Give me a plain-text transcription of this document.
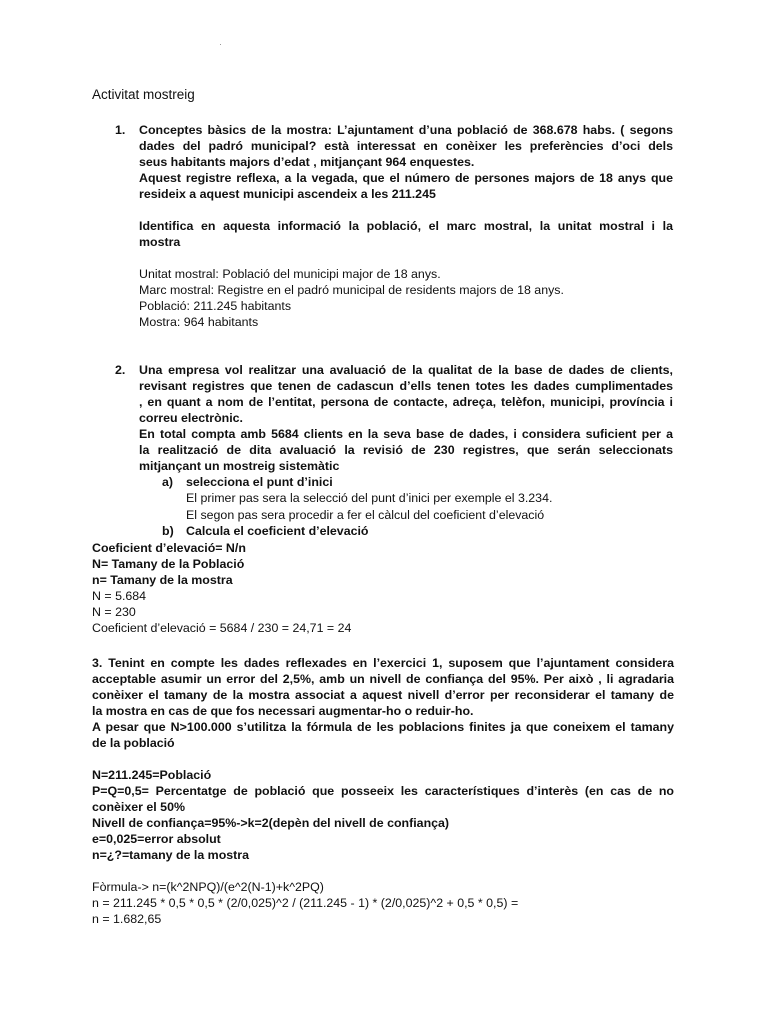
Activitat mostreig
1. Conceptes bàsics de la mostra: L’ajuntament d’una població de 368.678 habs. ( segons
dades del padró municipal? està interessat en conèixer les preferències d’oci dels
seus habitants majors d’edat , mitjançant 964 enquestes.
Aquest registre reflexa, a la vegada, que el número de persones majors de 18 anys que
resideix a aquest municipi ascendeix a les 211.245
Identifica en aquesta informació la població, el marc mostral, la unitat mostral i la
mostra
Unitat mostral: Població del municipi major de 18 anys.
Marc mostral: Registre en el padró municipal de residents majors de 18 anys.
Població: 211.245 habitants
Mostra: 964 habitants
2. Una empresa vol realitzar una avaluació de la qualitat de la base de dades de clients,
revisant registres que tenen de cadascun d’ells tenen totes les dades cumplimentades
, en quant a nom de l’entitat, persona de contacte, adreça, telèfon, municipi, província i
correu electrònic.
En total compta amb 5684 clients en la seva base de dades, i considera suficient per a
la realització de dita avaluació la revisió de 230 registres, que serán seleccionats
mitjançant un mostreig sistemàtic
a) selecciona el punt d’inici
El primer pas sera la selecció del punt d’inici per exemple el 3.234.
El segon pas sera procedir a fer el càlcul del coeficient d’elevació
b) Calcula el coeficient d’elevació
Coeficient d’elevació= N/n
N= Tamany de la Població
n= Tamany de la mostra
N = 5.684
N = 230
Coeficient d’elevació = 5684 / 230 = 24,71 = 24
3. Tenint en compte les dades reflexades en l’exercici 1, suposem que l’ajuntament considera
acceptable asumir un error del 2,5%, amb un nivell de confiança del 95%. Per això , li agradaria
conèixer el tamany de la mostra associat a aquest nivell d’error per reconsiderar el tamany de
la mostra en cas de que fos necessari augmentar-ho o reduir-ho.
A pesar que N>100.000 s’utilitza la fórmula de les poblacions finites ja que coneixem el tamany
de la població
N=211.245=Població
P=Q=0,5= Percentatge de població que posseeix les característiques d’interès (en cas de no
conèixer el 50%
Nivell de confiança=95%->k=2(depèn del nivell de confiança)
e=0,025=error absolut
n=¿?=tamany de la mostra
Fòrmula-> n=(k^2NPQ)/(e^2(N-1)+k^2PQ)
n = 211.245 * 0,5 * 0,5 * (2/0,025)^2 / (211.245 - 1) * (2/0,025)^2 + 0,5 * 0,5) =
n = 1.682,65
